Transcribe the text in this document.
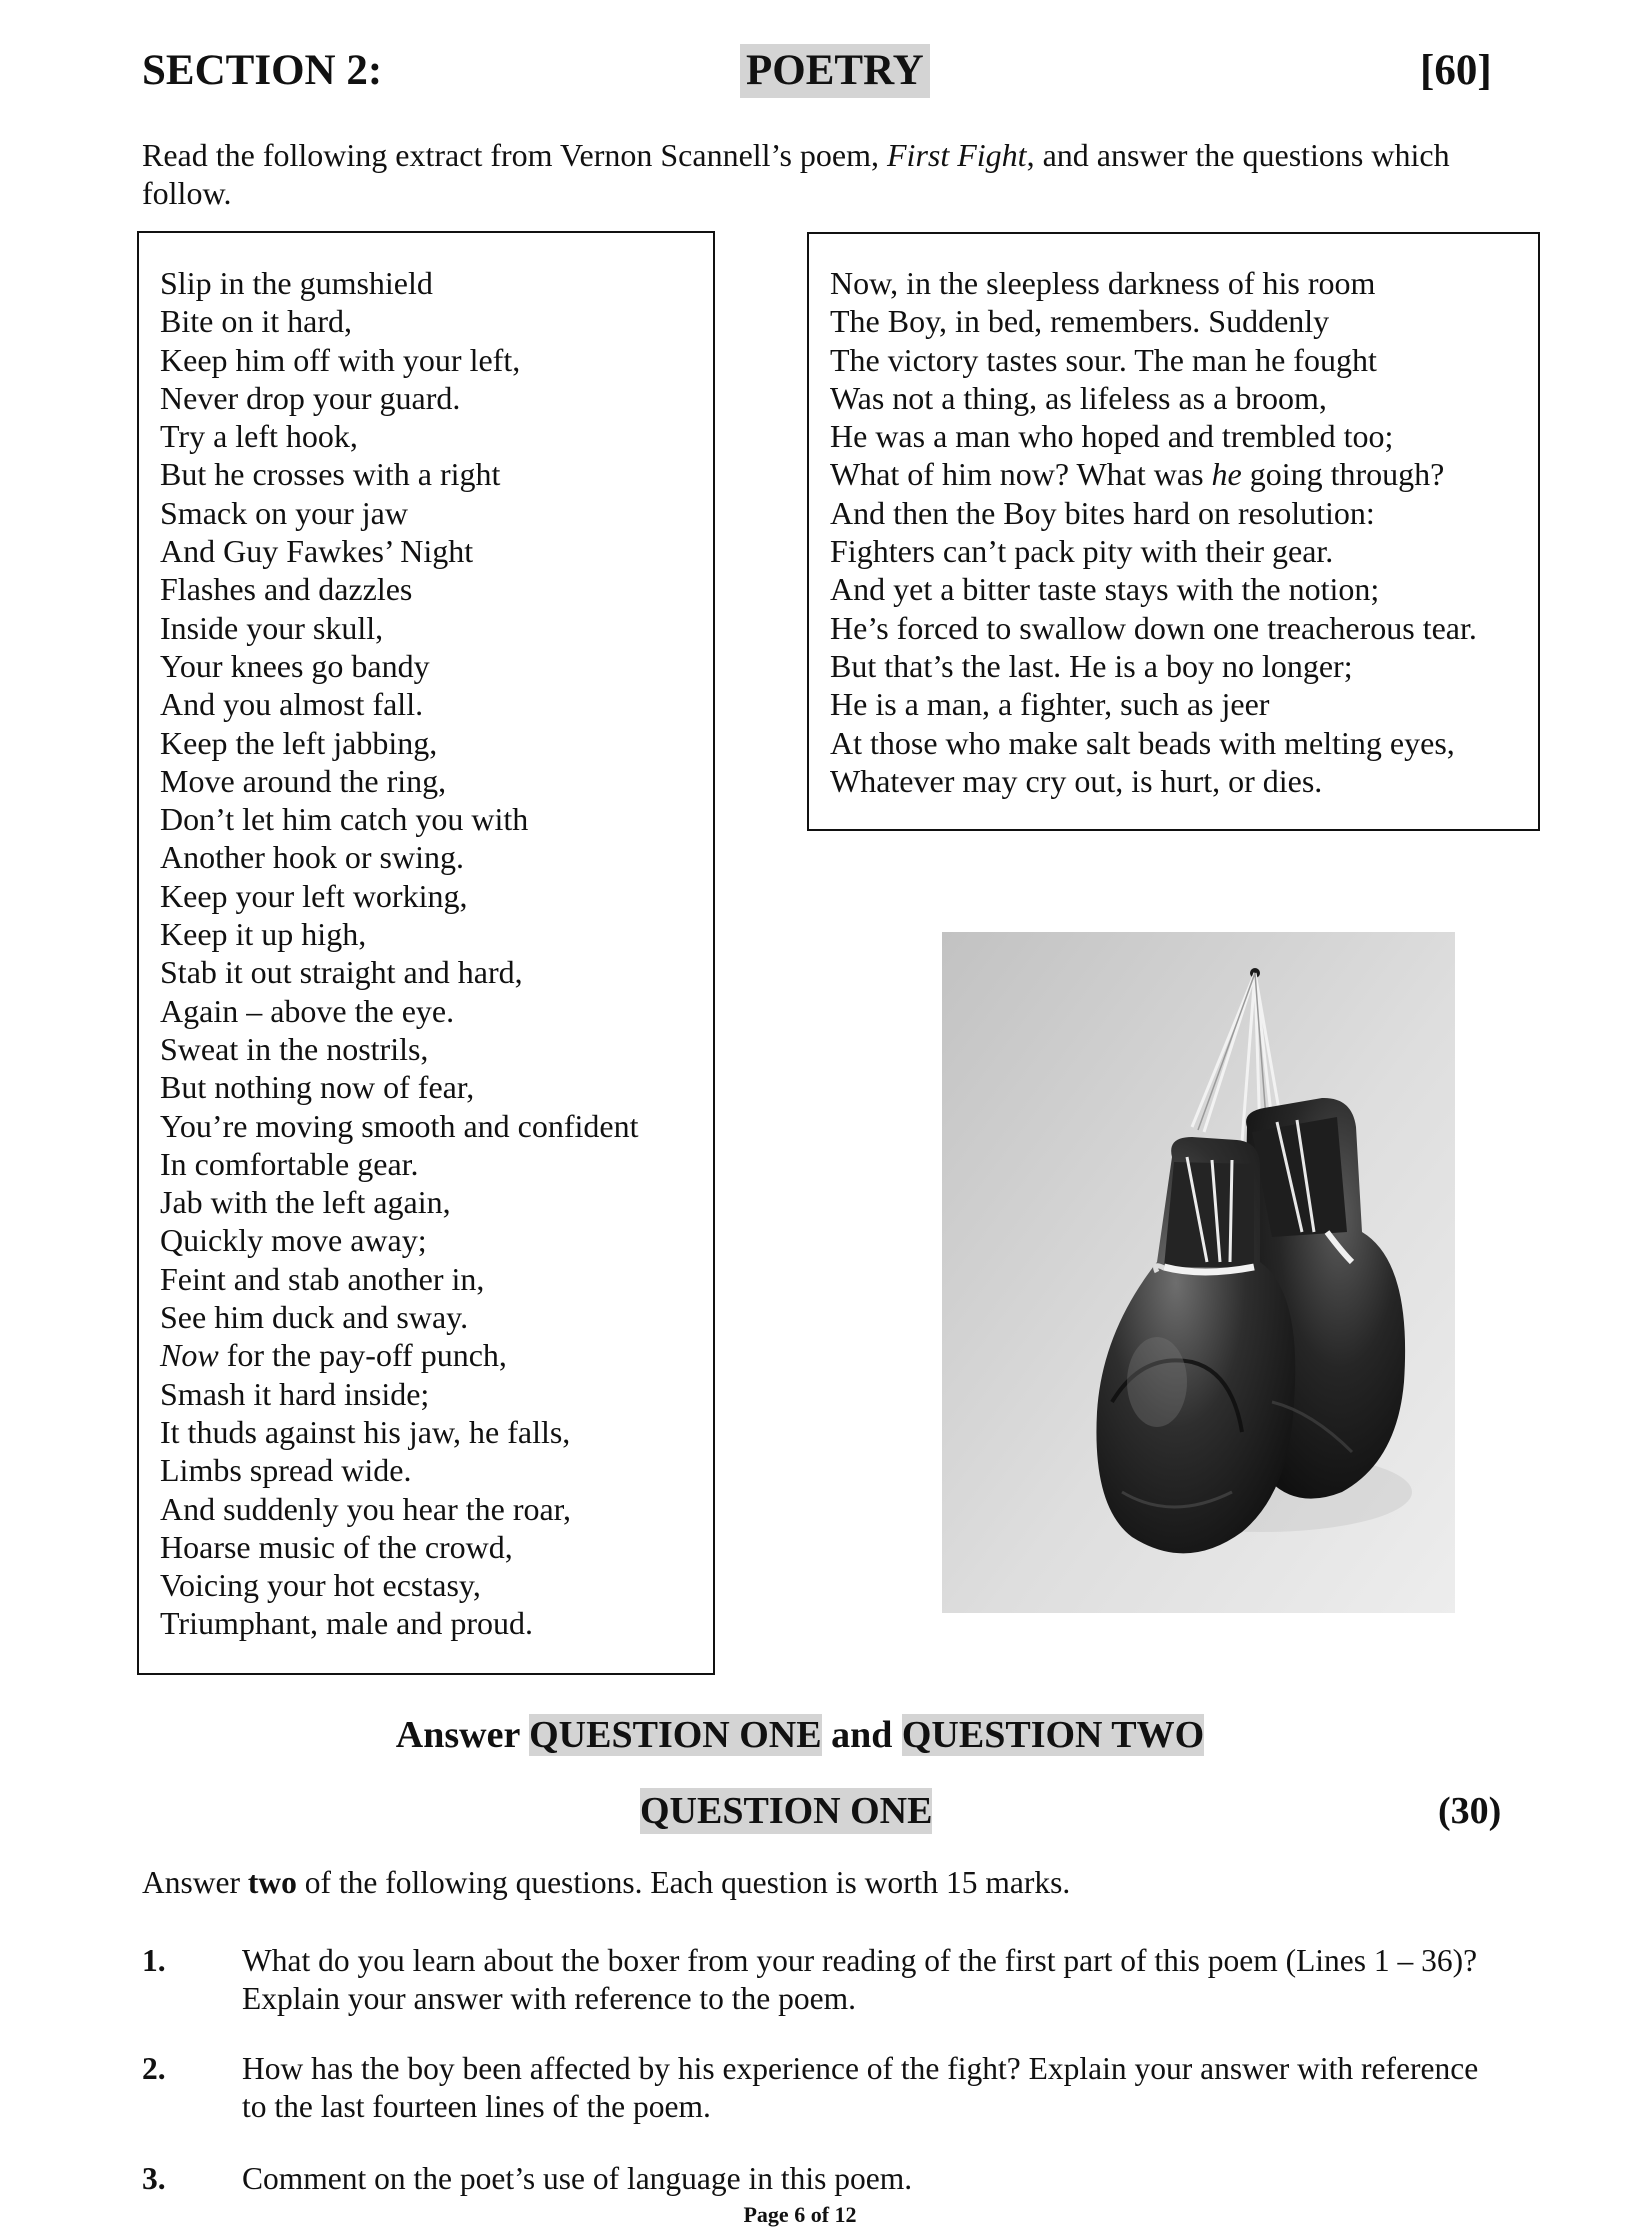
SECTION 2:	POETRY	[60]
Read the following extract from Vernon Scannell’s poem, First Fight, and answer the questions which follow.
Slip in the gumshield
Bite on it hard,
Keep him off with your left,
Never drop your guard.
Try a left hook,
But he crosses with a right
Smack on your jaw
And Guy Fawkes’ Night
Flashes and dazzles
Inside your skull,
Your knees go bandy
And you almost fall.
Keep the left jabbing,
Move around the ring,
Don’t let him catch you with
Another hook or swing.
Keep your left working,
Keep it up high,
Stab it out straight and hard,
Again – above the eye.
Sweat in the nostrils,
But nothing now of fear,
You’re moving smooth and confident
In comfortable gear.
Jab with the left again,
Quickly move away;
Feint and stab another in,
See him duck and sway.
Now for the pay-off punch,
Smash it hard inside;
It thuds against his jaw, he falls,
Limbs spread wide.
And suddenly you hear the roar,
Hoarse music of the crowd,
Voicing your hot ecstasy,
Triumphant, male and proud.
Now, in the sleepless darkness of his room
The Boy, in bed, remembers. Suddenly
The victory tastes sour. The man he fought
Was not a thing, as lifeless as a broom,
He was a man who hoped and trembled too;
What of him now? What was he going through?
And then the Boy bites hard on resolution:
Fighters can’t pack pity with their gear.
And yet a bitter taste stays with the notion;
He’s forced to swallow down one treacherous tear.
But that’s the last. He is a boy no longer;
He is a man, a fighter, such as jeer
At those who make salt beads with melting eyes,
Whatever may cry out, is hurt, or dies.
Answer QUESTION ONE and QUESTION TWO
QUESTION ONE	(30)
Answer two of the following questions. Each question is worth 15 marks.
1. What do you learn about the boxer from your reading of the first part of this poem (Lines 1 – 36)? Explain your answer with reference to the poem.
2. How has the boy been affected by his experience of the fight? Explain your answer with reference to the last fourteen lines of the poem.
3. Comment on the poet’s use of language in this poem.
Page 6 of 12
